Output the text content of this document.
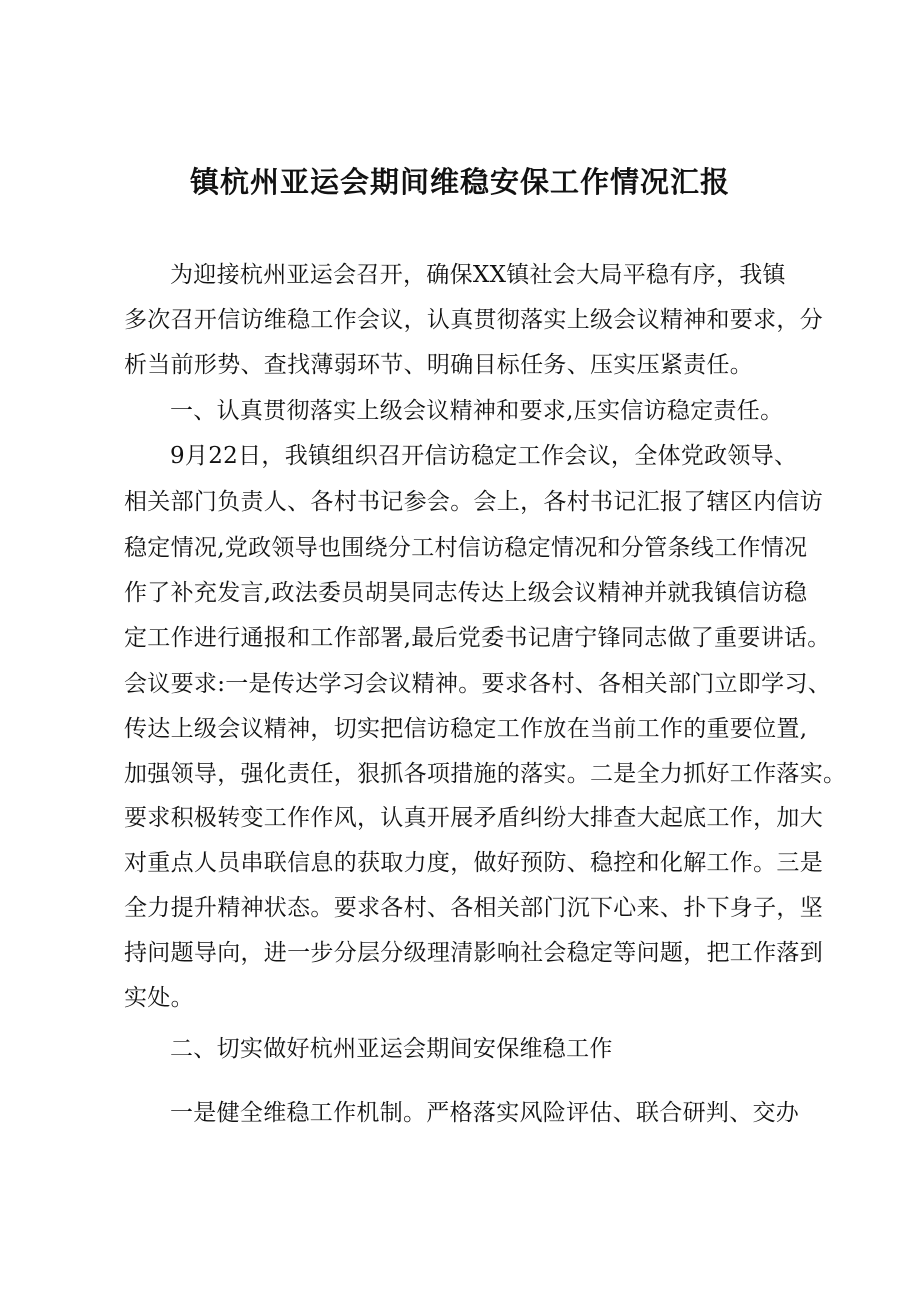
镇杭州亚运会期间维稳安保工作情况汇报
为迎接杭州亚运会召开，确保XX镇社会大局平稳有序，我镇
多次召开信访维稳工作会议，认真贯彻落实上级会议精神和要求，分
析当前形势、查找薄弱环节、明确目标任务、压实压紧责任。
一、认真贯彻落实上级会议精神和要求,压实信访稳定责任。
9月22日，我镇组织召开信访稳定工作会议，全体党政领导、
相关部门负责人、各村书记参会。会上，各村书记汇报了辖区内信访
稳定情况,党政领导也围绕分工村信访稳定情况和分管条线工作情况
作了补充发言,政法委员胡昊同志传达上级会议精神并就我镇信访稳
定工作进行通报和工作部署,最后党委书记唐宁锋同志做了重要讲话。
会议要求:一是传达学习会议精神。要求各村、各相关部门立即学习、
传达上级会议精神，切实把信访稳定工作放在当前工作的重要位置,
加强领导，强化责任，狠抓各项措施的落实。二是全力抓好工作落实。
要求积极转变工作作风，认真开展矛盾纠纷大排查大起底工作，加大
对重点人员串联信息的获取力度，做好预防、稳控和化解工作。三是
全力提升精神状态。要求各村、各相关部门沉下心来、扑下身子，坚
持问题导向，进一步分层分级理清影响社会稳定等问题，把工作落到
实处。
二、切实做好杭州亚运会期间安保维稳工作
一是健全维稳工作机制。严格落实风险评估、联合研判、交办
